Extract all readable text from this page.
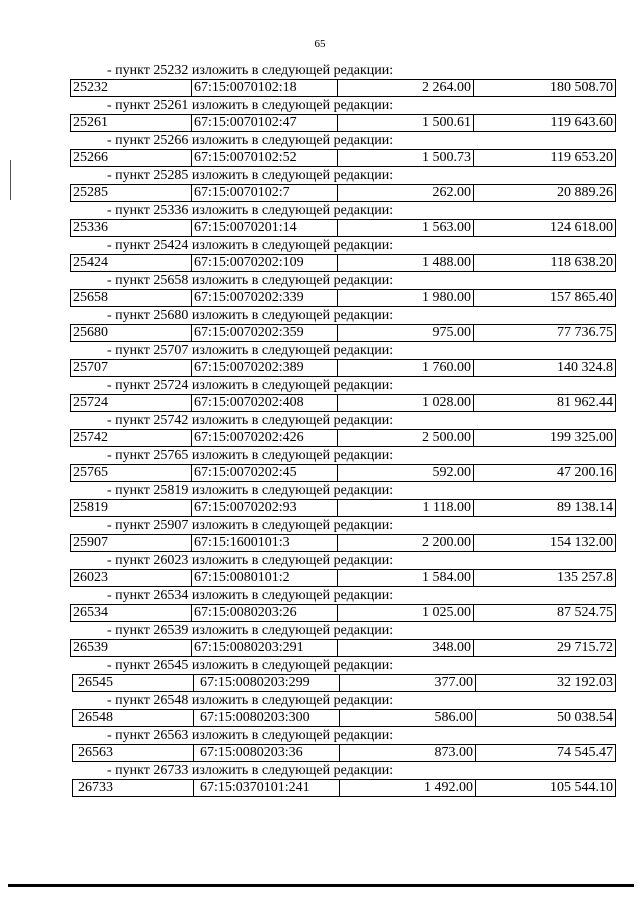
65
- пункт 25232 изложить в следующей редакции:
25232	67:15:0070102:18	2 264.00	180 508.70
- пункт 25261 изложить в следующей редакции:
25261	67:15:0070102:47	1 500.61	119 643.60
- пункт 25266 изложить в следующей редакции:
25266	67:15:0070102:52	1 500.73	119 653.20
- пункт 25285 изложить в следующей редакции:
25285	67:15:0070102:7	262.00	20 889.26
- пункт 25336 изложить в следующей редакции:
25336	67:15:0070201:14	1 563.00	124 618.00
- пункт 25424 изложить в следующей редакции:
25424	67:15:0070202:109	1 488.00	118 638.20
- пункт 25658 изложить в следующей редакции:
25658	67:15:0070202:339	1 980.00	157 865.40
- пункт 25680 изложить в следующей редакции:
25680	67:15:0070202:359	975.00	77 736.75
- пункт 25707 изложить в следующей редакции:
25707	67:15:0070202:389	1 760.00	140 324.8
- пункт 25724 изложить в следующей редакции:
25724	67:15:0070202:408	1 028.00	81 962.44
- пункт 25742 изложить в следующей редакции:
25742	67:15:0070202:426	2 500.00	199 325.00
- пункт 25765 изложить в следующей редакции:
25765	67:15:0070202:45	592.00	47 200.16
- пункт 25819 изложить в следующей редакции:
25819	67:15:0070202:93	1 118.00	89 138.14
- пункт 25907 изложить в следующей редакции:
25907	67:15:1600101:3	2 200.00	154 132.00
- пункт 26023 изложить в следующей редакции:
26023	67:15:0080101:2	1 584.00	135 257.8
- пункт 26534 изложить в следующей редакции:
26534	67:15:0080203:26	1 025.00	87 524.75
- пункт 26539 изложить в следующей редакции:
26539	67:15:0080203:291	348.00	29 715.72
- пункт 26545 изложить в следующей редакции:
26545	67:15:0080203:299	377.00	32 192.03
- пункт 26548 изложить в следующей редакции:
26548	67:15:0080203:300	586.00	50 038.54
- пункт 26563 изложить в следующей редакции:
26563	67:15:0080203:36	873.00	74 545.47
- пункт 26733 изложить в следующей редакции:
26733	67:15:0370101:241	1 492.00	105 544.10
